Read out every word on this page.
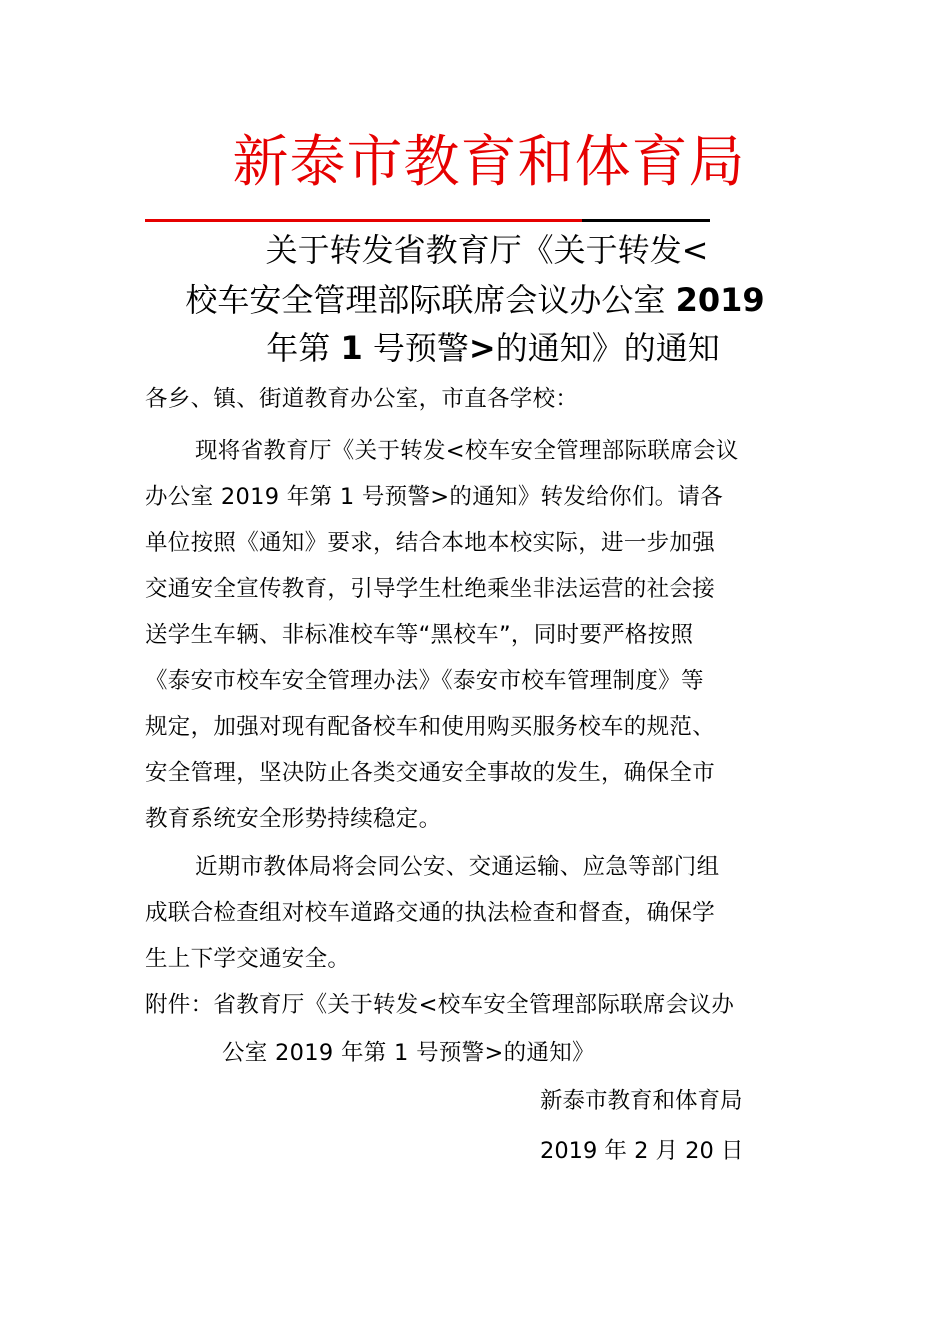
新泰市教育和体育局
关于转发省教育厅《关于转发<
校车安全管理部际联席会议办公室 2019
年第 1 号预警>的通知》的通知
各乡、镇、街道教育办公室，市直各学校：
现将省教育厅《关于转发<校车安全管理部际联席会议
办公室 2019 年第 1 号预警>的通知》转发给你们。请各
单位按照《通知》要求，结合本地本校实际，进一步加强
交通安全宣传教育，引导学生杜绝乘坐非法运营的社会接
送学生车辆、非标准校车等“黑校车”，同时要严格按照
《泰安市校车安全管理办法》《泰安市校车管理制度》等
规定，加强对现有配备校车和使用购买服务校车的规范、
安全管理，坚决防止各类交通安全事故的发生，确保全市
教育系统安全形势持续稳定。
近期市教体局将会同公安、交通运输、应急等部门组
成联合检查组对校车道路交通的执法检查和督查，确保学
生上下学交通安全。
附件：省教育厅《关于转发<校车安全管理部际联席会议办
公室 2019 年第 1 号预警>的通知》
新泰市教育和体育局
2019 年 2 月 20 日
